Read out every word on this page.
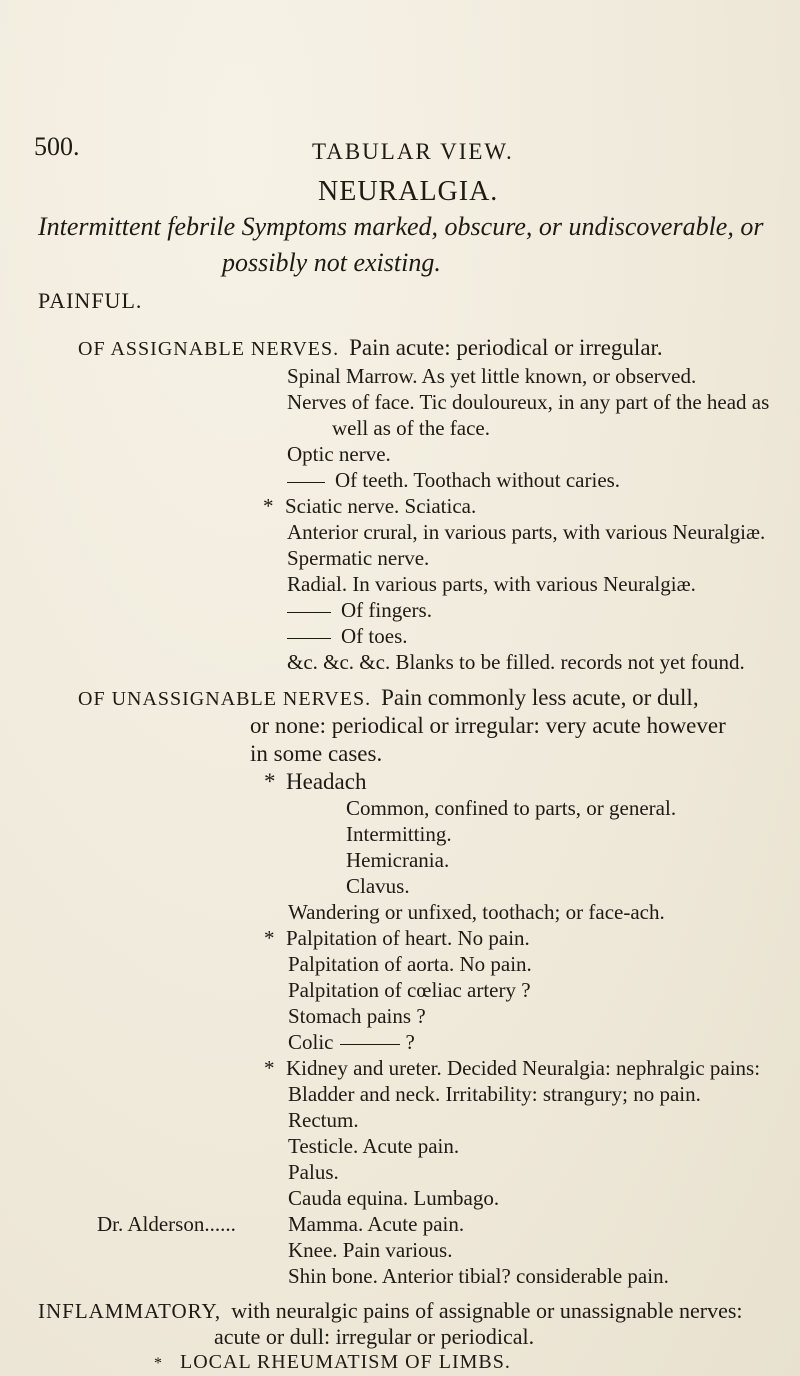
500.	TABULAR VIEW.
NEURALGIA.
Intermittent febrile Symptoms marked, obscure, or undiscoverable, or
possibly not existing.
PAINFUL.
OF ASSIGNABLE NERVES. Pain acute: periodical or irregular.
Spinal Marrow. As yet little known, or observed.
Nerves of face. Tic douloureux, in any part of the head as
well as of the face.
Optic nerve.
Of teeth. Toothach without caries.
* Sciatic nerve. Sciatica.
Anterior crural, in various parts, with various Neuralgiæ.
Spermatic nerve.
Radial. In various parts, with various Neuralgiæ.
Of fingers.
Of toes.
&c. &c. &c. Blanks to be filled. records not yet found.
OF UNASSIGNABLE NERVES. Pain commonly less acute, or dull,
or none: periodical or irregular: very acute however
in some cases.
* Headach
Common, confined to parts, or general.
Intermitting.
Hemicrania.
Clavus.
Wandering or unfixed, toothach; or face-ach.
* Palpitation of heart. No pain.
Palpitation of aorta. No pain.
Palpitation of cœliac artery ?
Stomach pains ?
Colic	?
* Kidney and ureter. Decided Neuralgia: nephralgic pains:
Bladder and neck. Irritability: strangury; no pain.
Rectum.
Testicle. Acute pain.
Palus.
Cauda equina. Lumbago.
Dr. Alderson...... Mamma. Acute pain.
Knee. Pain various.
Shin bone. Anterior tibial? considerable pain.
INFLAMMATORY, with neuralgic pains of assignable or unassignable nerves:
acute or dull: irregular or periodical.
* LOCAL RHEUMATISM OF LIMBS.
